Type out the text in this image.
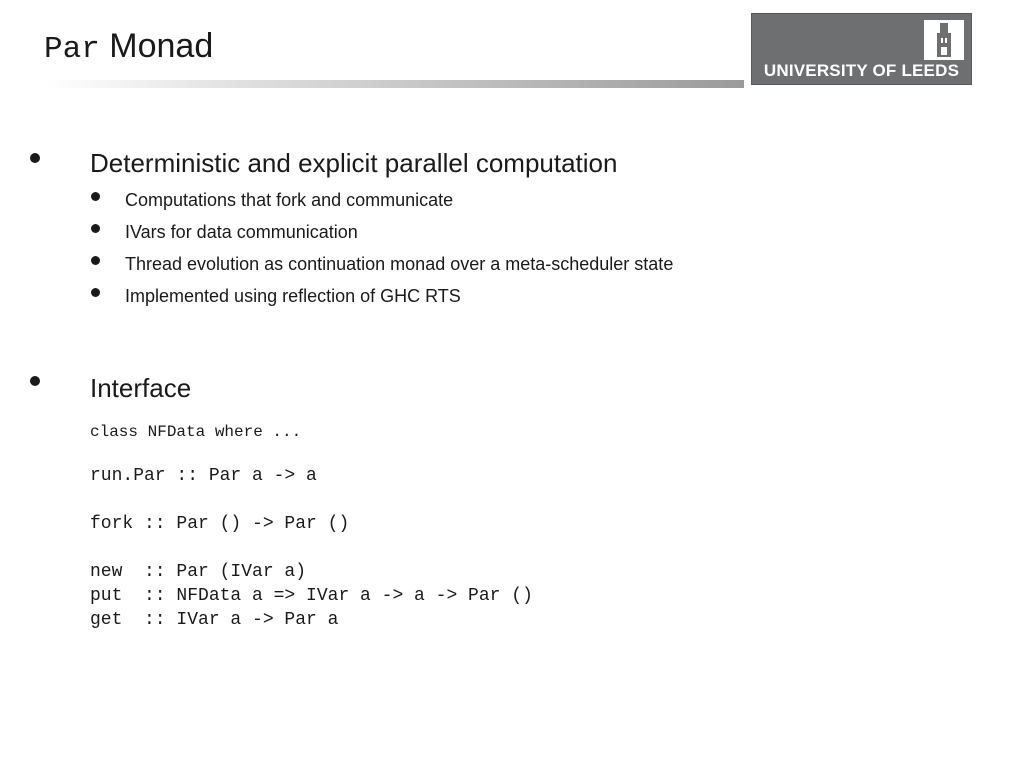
Par Monad
UNIVERSITY OF LEEDS
Deterministic and explicit parallel computation
Computations that fork and communicate
IVars for data communication
Thread evolution as continuation monad over a meta-scheduler state
Implemented using reflection of GHC RTS
Interface
class NFData where ...
run.Par :: Par a -> a
fork :: Par () -> Par ()
new  :: Par (IVar a)
put  :: NFData a => IVar a -> a -> Par ()
get  :: IVar a -> Par a
